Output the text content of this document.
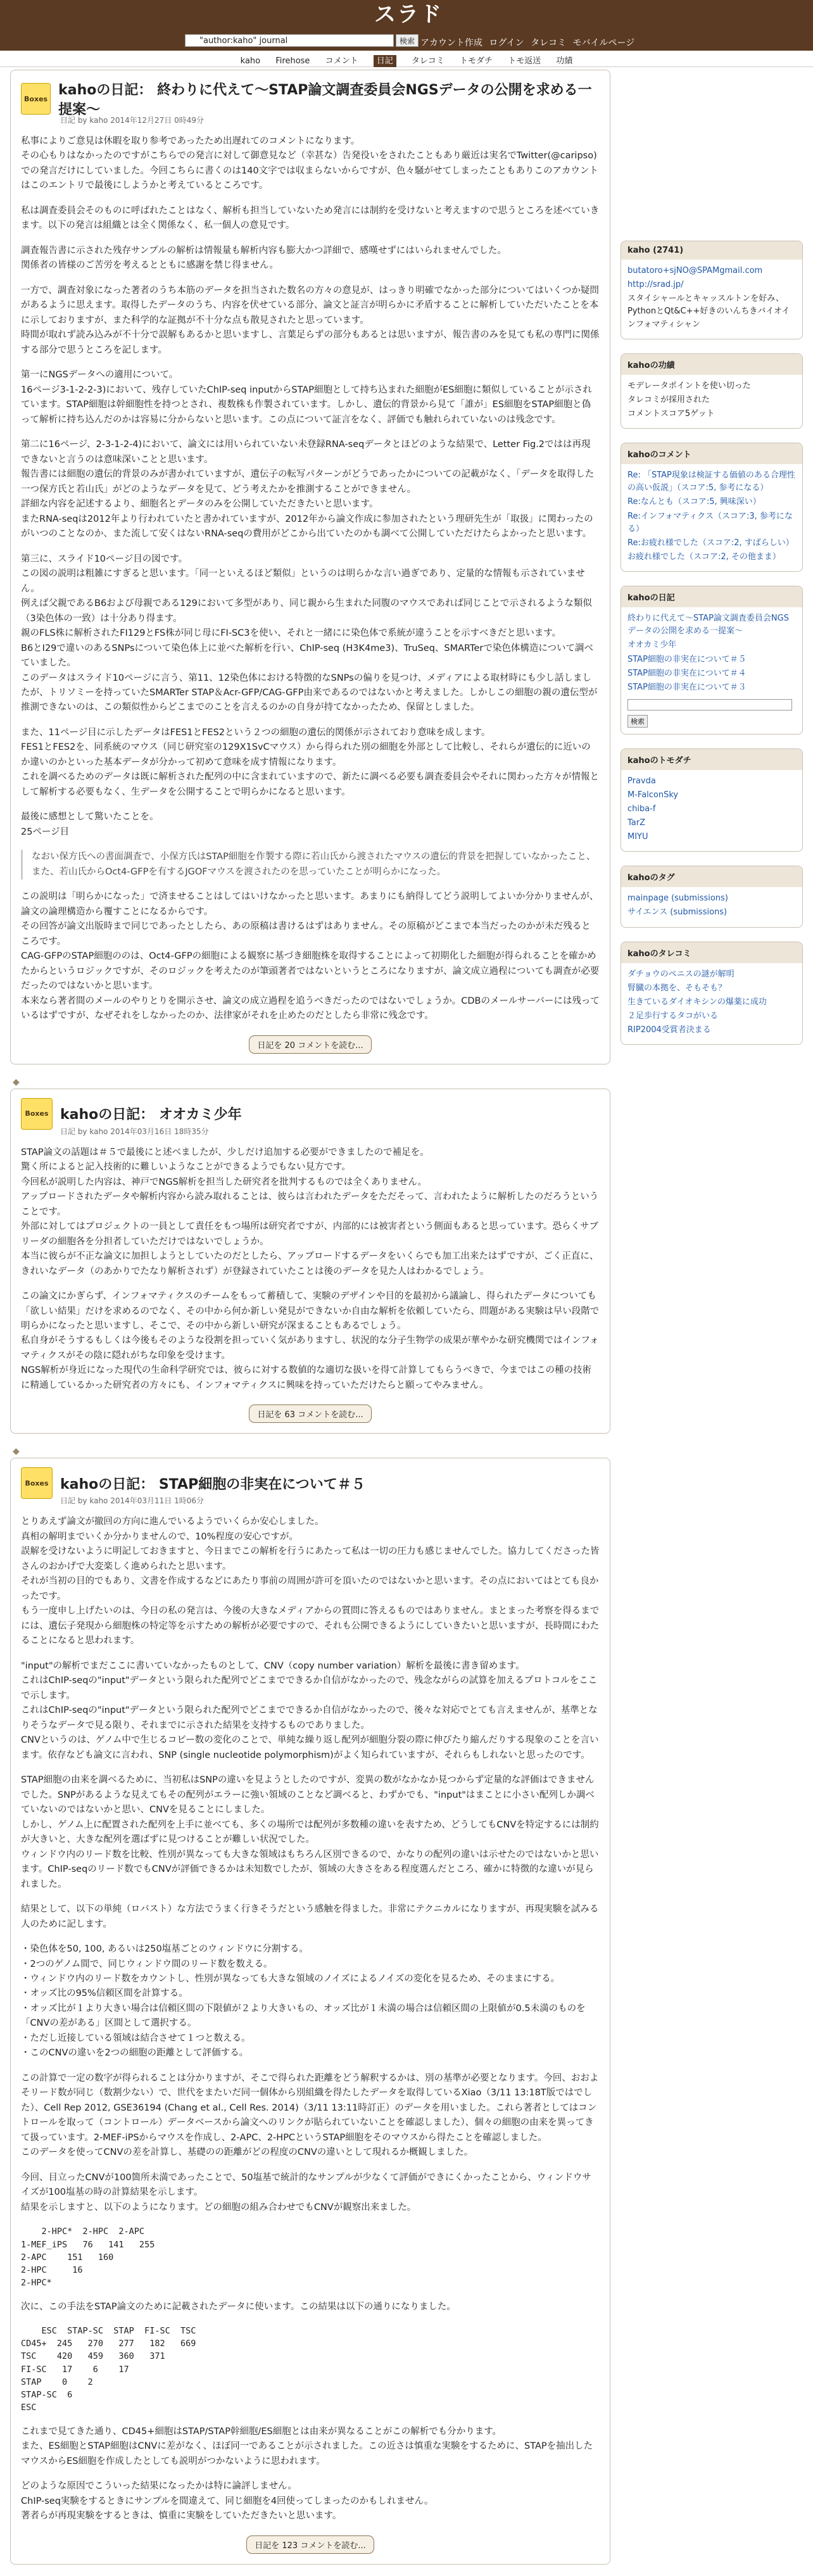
スラド
"author:kaho" journal
検索 アカウント作成 ログイン タレコミ モバイルページ
kaho Firehose コメント 日記 タレコミ トモダチ トモ返送 功績
Boxes
kahoの日記： 終わりに代えて〜STAP論文調査委員会NGSデータの公開を求める一提案〜
日記 by kaho 2014年12月27日 0時49分

私事によりご意見は休暇を取り参考であったため出遅れてのコメントになります。
その心もりはなかったのですがこちらでの発言に対して御意見など（幸甚な）告発役いをされたこともあり厳近は実名でTwitter(@caripso)での発言だけにしていました。今回こちらに書くのは140文字では収まらないからですが、色々騒がせてしまったこともありこのアカウントはこのエントリで最後にしようかと考えているところです。

私は調査委員会そのものに呼ばれたことはなく、解析も担当していないため発言には制約を受けないと考えますので思うところを述べていきます。以下の発言は組織とは全く関係なく、私一個人の意見です。

調査報告書に示された残存サンプルの解析は情報量も解析内容も膨大かつ詳細で、感嘆せずにはいられませんでした。
関係者の皆様のご苦労を考えるとともに感謝を禁じ得ません。

一方で、調査対象になった著者のうち本筋のデータを担当された数名の方々の意見が、はっきり明確でなかった部分についてはいくつか疑問があるように思えます。取得したデータのうち、内容を伏せている部分、論文と証言が明らかに矛盾することに解析していただいたことを本に示しておりますが、また科学的な証拠が不十分な点も散見されたと思っています。
時間が取れず読み込みが不十分で誤解もあるかと思いますし、言葉足らずの部分もあるとは思いますが、報告書のみを見ても私の専門に関係する部分で思うところを記します。

第一にNGSデータへの適用について。
16ページ3-1-2-2-3)において、残存していたChIP-seq inputからSTAP細胞として持ち込まれた細胞がES細胞に類似していることが示されています。STAP細胞は幹細胞性を持つとされ、複数株も作製されています。しかし、遺伝的背景から見て「誰が」ES細胞をSTAP細胞と偽って解析に持ち込んだのかは容易に分からないと思います。この点について証言をなく、評価でも触れられていないのは残念です。

第二に16ページ、2-3-1-2-4)において、論文には用いられていない未登録RNA-seqデータとほどのような結果で、Letter Fig.2ではは再現できないと言うのは意味深いことと思います。
報告書には細胞の遺伝的背景のみが書かれていますが、遺伝子の転写パターンがどうであったかについての記載がなく、「データを取得した一つ保方氏と若山氏」がどのようなデータを見て、どう考えたかを推測することができません。
詳細な内容を記述するより、細胞名とデータのみを公開していただきたいと思います。
またRNA-seqは2012年より行われていたと書かれていますが、2012年から論文作成に参加されたという理研先生が「取扱」に関わったのがいつのことなのか、また流して安くはないRNA-seqの費用がどこから出ていたのかも調べて公開していただけたらよかったと思います。

第三に、スライド10ページ目の図です。
この図の説明は粗雑にすぎると思います。「同一といえるほど類似」というのは明らかな言い過ぎであり、定量的な情報も示されていません。
例えば父親であるB6および母親である129において多型があり、同じ親から生まれた同腹のマウスであれば同じことで示されるような類似（3染色体の一致）は十分あり得ます。
親のFLS株に解析されたFI129とFS株が同じ母にFI-SC3を使い、それと一緒にに染色体で系統が違うことを示すべきだと思います。
B6とI29で違いのあるSNPsについて染色体上に並べた解析を行い、ChIP-seq (H3K4me3)、TruSeq、SMARTerで染色体構造について調べていました。
このデータはスライド10ページに言う、第11、12染色体における特徴的なSNPsの偏りを見つけ、メディアによる取材時にも少し話しましたが、トリソミーを持っていたSMARTer STAP＆Acr-GFP/CAG-GFP由来であるのではないかと考えました。しかしこの細胞の親の遺伝型が推測できないのは、この類似性からどこまでのことを言えるのかの自身が持てなかったため、保留としました。

また、11ページ目に示したデータはFES1とFES2という２つの細胞の遺伝的関係が示されており意味を成します。
FES1とFES2を、同系統のマウス（同じ研究室の129X1SvCマウス）から得られた別の細胞を外部として比較し、それらが遺伝的に近いのか違いのかといった基本データが分かって初めて意味を成す情報になります。
これを調べるためのデータは既に解析された配列の中に含まれていますので、新たに調べる必要も調査委員会やそれに関わった方々が情報として解析する必要もなく、生データを公開することで明らかになると思います。

最後に感想として驚いたことを。
25ページ目

なおい保方氏への書面調査で、小保方氏はSTAP細胞を作製する際に若山氏から渡されたマウスの遺伝的背景を把握していなかったこと、また、若山氏からOct4-GFPを有するJGOFマウスを渡されたのを思っていたことが明らかになった。

この説明は「明らかになった」で済ませることはしてはいけなかったと思います。あまりにも納得してどう説明してよいか分かりませんが、論文の論理構造から覆すことになるからです。
その回答が論文出版時まで同じであったとしたら、あの原稿は書けるはずはありません。その原稿がどこまで本当だったのかが未だ残るところです。
CAG-GFPのSTAP細胞ののは、Oct4-GFPの細胞による観察に基づき細胞株を取得することによって初期化した細胞が得られることを確かめたからというロジックですが、そのロジックを考えたのが筆頭著者ではないというところになりますが、論文成立過程についても調査が必要だったのではないかと思います。
本来なら著者間のメールのやりとりを開示させ、論文の成立過程を追うべきだったのではないでしょうか。CDBのメールサーバーには残っているはずですが、なぜそれをしなかったのか、法律家がそれを止めたのだとしたら非常に残念です。

日記を 20 コメントを読む...
◆
Boxes kahoの日記： オオカミ少年
日記 by kaho 2014年03月16日 18時35分

STAP論文の話題は＃５で最後にと述べましたが、少しだけ追加する必要ができましたので補足を。
驚く所によると記入技術的に難しいようなことができるようでもない見方です。
今回私が説明した内容は、神戸でNGS解析を担当した研究者を批判するものでは全くありません。
アップロードされたデータや解析内容から読み取れることは、彼らは言われたデータをただそって、言われたように解析したのだろうということです。
外部に対してはプロジェクトの一員として責任をもつ場所は研究者ですが、内部的には被害者という側面もあると思っています。恐らくサブリーダの細胞各を分担者していただけではないでしょうか。
本当に彼らが不正な論文に加担しようとしていたのだとしたら、アップロードするデータをいくらでも加工出来たはずですが、ごく正直に、きれいなデータ（のあかりでたなり解析されず）が登録されていたことは後のデータを見た人はわかるでしょう。

この論文にかぎらず、インフォマティクスのチームをもって蓄積して、実験のデザインや目的を最初から議論し、得られたデータについても「欲しい結果」だけを求めるのでなく、その中から何か新しい発見ができないか自由な解析を依頼していたら、問題がある実験は早い段階で明らかになったと思いますし、そこで、その中から新しい研究が深まることもあるでしょう。
私自身がそうするもしくは今後もそのような役割を担っていく気がありますし、状況的な分子生物学の成果が華やかな研究機関ではインフォマティクスがその陰に隠れがちな印象を受けます。
NGS解析が身近になった現代の生命科学研究では、彼らに対する数値的な適切な扱いを得て計算してもらうべきで、今まではこの種の技術に精通しているかった研究者の方々にも、インフォマティクスに興味を持っていただけたらと願ってやみません。

日記を 63 コメントを読む...
◆
Boxes kahoの日記： STAP細胞の非実在について＃５
日記 by kaho 2014年03月11日 1時06分

とりあえず論文が撤回の方向に進んでいるようでいくらか安心しました。
真相の解明までいくか分かりませんので、10%程度の安心ですが。
誤解を受けないように明記しておきますと、今日までこの解析を行うにあたって私は一切の圧力も感じませんでした。協力してくださった皆さんのおかげで大変楽しく進められたと思います。
それが当初の目的でもあり、文書を作成するなどにあたり事前の周囲が許可を頂いたのではないかと思います。その点においてはとても良かったです。
もう一度申し上げたいのは、今日の私の発言は、今後の大きなメディアからの質問に答えるものではありません。まとまった考察を得るまでには、遺伝子発現から細胞株の特定等を示すための解析が必要ですので、それも公開できるようにしていきたいと思いますが、長時間にわたることになると思われます。

"input"の解析でまだここに書いていなかったものとして、CNV（copy number variation）解析を最後に書き留めます。
これはChIP-seqの"input"データという限られた配列でどこまでできるか自信がなかったので、残念ながらの試算を加えるプロトコルをここで示します。
これはChIP-seqの"input"データという限られた配列でどこまでできるか自信がなかったので、後々な対応でとても言えませんが、基準となりそうなデータで見る限り、それまでに示された結果を支持するものでありました。
CNVというのは、ゲノム中で生じるコピー数の変化のことで、単純な繰り返し配列が細胞分裂の際に伸びたり縮んだりする現象のことを言います。依存なども論文に言われ、SNP (single nucleotide polymorphism)がよく知られていますが、それらもしれないと思ったのです。

STAP細胞の由来を調べるために、当初私はSNPの違いを見ようとしたのですが、変異の数がなかなか見つからず定量的な評価はできませんでした。SNPがあるような見えてもその配列がエラーに強い領域のことなど調べると、わずかでも、"input"はまことに小さい配列しか調べていないのではないかと思い、CNVを見ることにしました。
しかし、ゲノム上に配置された配列を上手に並べても、多くの場所では配列が多数種の違いを表すため、どうしてもCNVを特定するには制約が大きいと、大きな配列を選ばずに見つけることが難しい状況でした。
ウィンドウ内のリード数を比較、性別が異なっても大きな領域はもちろん区別できるので、かなりの配列の違いは示せたのではないかと思います。ChIP-seqのリード数でもCNVが評価できるかは未知数でしたが、領域の大きさをある程度選んだところ、確かに特徴的な違いが見られました。

結果として、以下の単純（ロバスト）な方法でうまく行きそうだという感触を得ました。非常にテクニカルになりますが、再現実験を試みる人のために記します。

・染色体を50, 100, あるいは250塩基ごとのウィンドウに分割する。
・2つのゲノム間で、同じウィンドウ間のリード数を数える。
・ウィンドウ内のリード数をカウントし、性別が異なっても大きな領域のノイズによるノイズの変化を見るため、そのままにする。
・オッズ比の95%信頼区間を計算する。
・オッズ比が１より大きい場合は信頼区間の下限値が２より大きいもの、オッズ比が１未満の場合は信頼区間の上限値が0.5未満のものを「CNVの差がある」区間として選択する。
・ただし近接している領域は結合させて１つと数える。
・このCNVの違いを2つの細胞の距離として評価する。

この計算で一定の数字が得られることは分かりますが、そこで得られた距離をどう解釈するかは、別の基準が必要となります。今回、おおよそリード数が同じ（数割少ない）で、世代をまたいだ同一個体から別組織を得たしたデータを取得しているXiao（3/11 13:18T版ではでした）、Cell Rep 2012, GSE36194 (Chang et al., Cell Res. 2014)（3/11 13:11時訂正）のデータを用いました。これら著者としてはコントロールを取って（コントロール）データベースから論文へのリンクが貼られていないことを確認しました）、個々の細胞の由来を異ってきて扱っています。2-MEF-iPSからマウスを作成し、2-APC、2-HPCというSTAP細胞をそのマウスから得たことを確認しました。
このデータを使ってCNVの差を計算し、基礎のの距離がどの程度のCNVの違いとして現れるか概観しました。

今回、目立ったCNVが100箇所未満であったことで、50塩基で統計的なサンプルが少なくて評価ができにくかったことから、ウィンドウサイズが100塩基の時の計算結果を示します。
結果を示しますと、以下のようになります。どの細胞の組み合わせでもCNVが観察出来ました。

2-HPC*  2-HPC  2-APC
1-MEF_iPS   76   141   255
2-APC    151   160
2-HPC     16
2-HPC*

次に、この手法をSTAP論文のために記載されたデータに使います。この結果は以下の通りになりました。

ESC  STAP-SC  STAP  FI-SC  TSC
CD45+  245   270   277   182   669
TSC    420   459   360   371
FI-SC   17    6    17
STAP    0    2
STAP-SC  6
ESC

これまで見てきた通り、CD45+細胞はSTAP/STAP幹細胞/ES細胞とは由来が異なることがこの解析でも分かります。
また、ES細胞とSTAP細胞はCNVに差がなく、ほぼ同一であることが示されました。この近さは慎重な実験をするために、STAPを抽出したマウスからES細胞を作成したとしても説明がつかないように思われます。

どのような原因でこういった結果になったかは特に論評しません。
ChIP-seq実験をするときにサンプルを間違えて、同じ細胞を4回使ってしまったのかもしれません。
著者らが再現実験をするときは、慎重に実験をしていただきたいと思います。

日記を 123 コメントを読む...
kaho (2741)
butatoro+sjNO@SPAMgmail.com
http://srad.jp/
スタイシャールとキャッスルトンを好み、PythonとQt&C++好きのいんちきバイオインフォマティシャン
kahoの功績
モデレータポイントを使い切った
タレコミが採用された
コメントスコア5ゲット
kahoのコメント
Re: 「STAP現象は検証する価値のある合理性の高い仮説」（スコア:5, 参考になる）
Re:なんとも（スコア:5, 興味深い）
Re:インフォマティクス（スコア:3, 参考になる）
Re:お疲れ様でした（スコア:2, すばらしい）
お疲れ様でした（スコア:2, その他まま）
kahoの日記
終わりに代えて〜STAP論文調査委員会NGSデータの公開を求める一提案〜
オオカミ少年
STAP細胞の非実在について＃５
STAP細胞の非実在について＃４
STAP細胞の非実在について＃３
検索
kahoのトモダチ
Pravda
M-FalconSky
chiba-f
TarZ
MIYU
kahoのタグ
mainpage (submissions)
サイエンス (submissions)
kahoのタレコミ
ダチョウのペニスの謎が解明
腎臓の本拠を、そもそも？
生きているダイオキシンの爆薬に成功
２足歩行するタコがいる
RIP2004受賞者決まる
